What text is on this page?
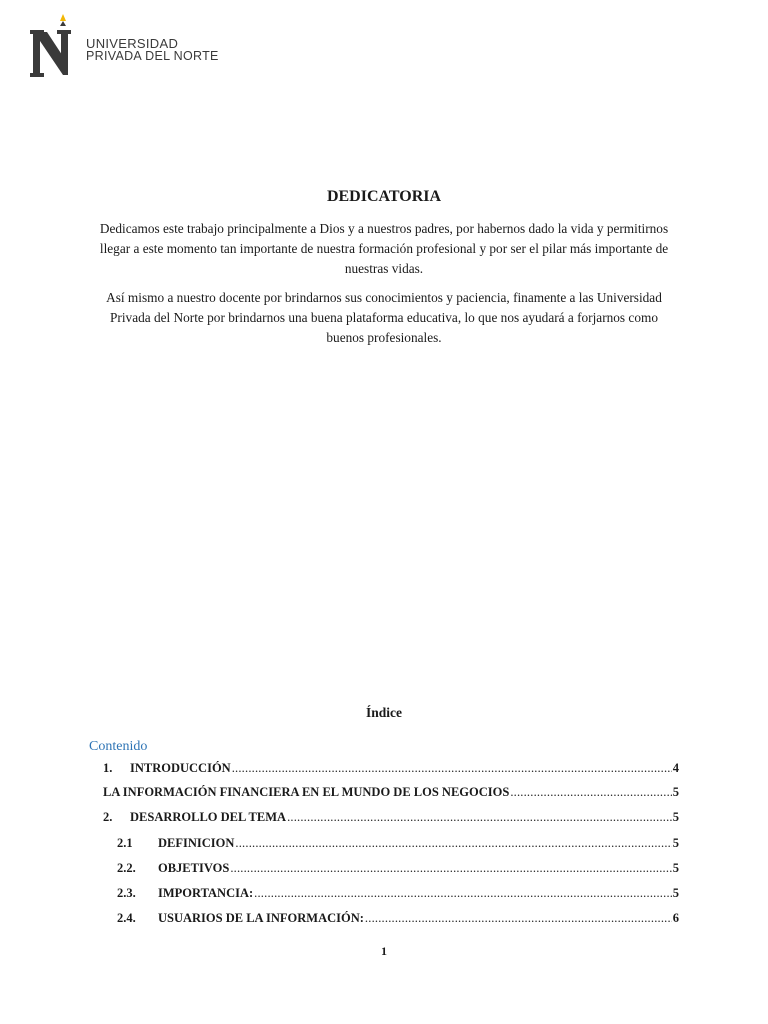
UNIVERSIDAD
PRIVADA DEL NORTE
DEDICATORIA
Dedicamos este trabajo principalmente a Dios y a nuestros padres, por habernos dado la vida y permitirnos llegar a este momento tan importante de nuestra formación profesional y por ser el pilar más importante de nuestras vidas.
Así mismo a nuestro docente por brindarnos sus conocimientos y paciencia, finamente a las Universidad Privada del Norte por brindarnos una buena plataforma educativa, lo que nos ayudará a forjarnos como buenos profesionales.
Índice
Contenido
1.	INTRODUCCIÓN .....	4
LA INFORMACIÓN FINANCIERA EN EL MUNDO DE LOS NEGOCIOS .....	5
2.	DESARROLLO DEL TEMA .....	5
2.1	DEFINICION .....	5
2.2.	OBJETIVOS .....	5
2.3.	IMPORTANCIA: .....	5
2.4.	USUARIOS DE LA INFORMACIÓN: .....	6
1
